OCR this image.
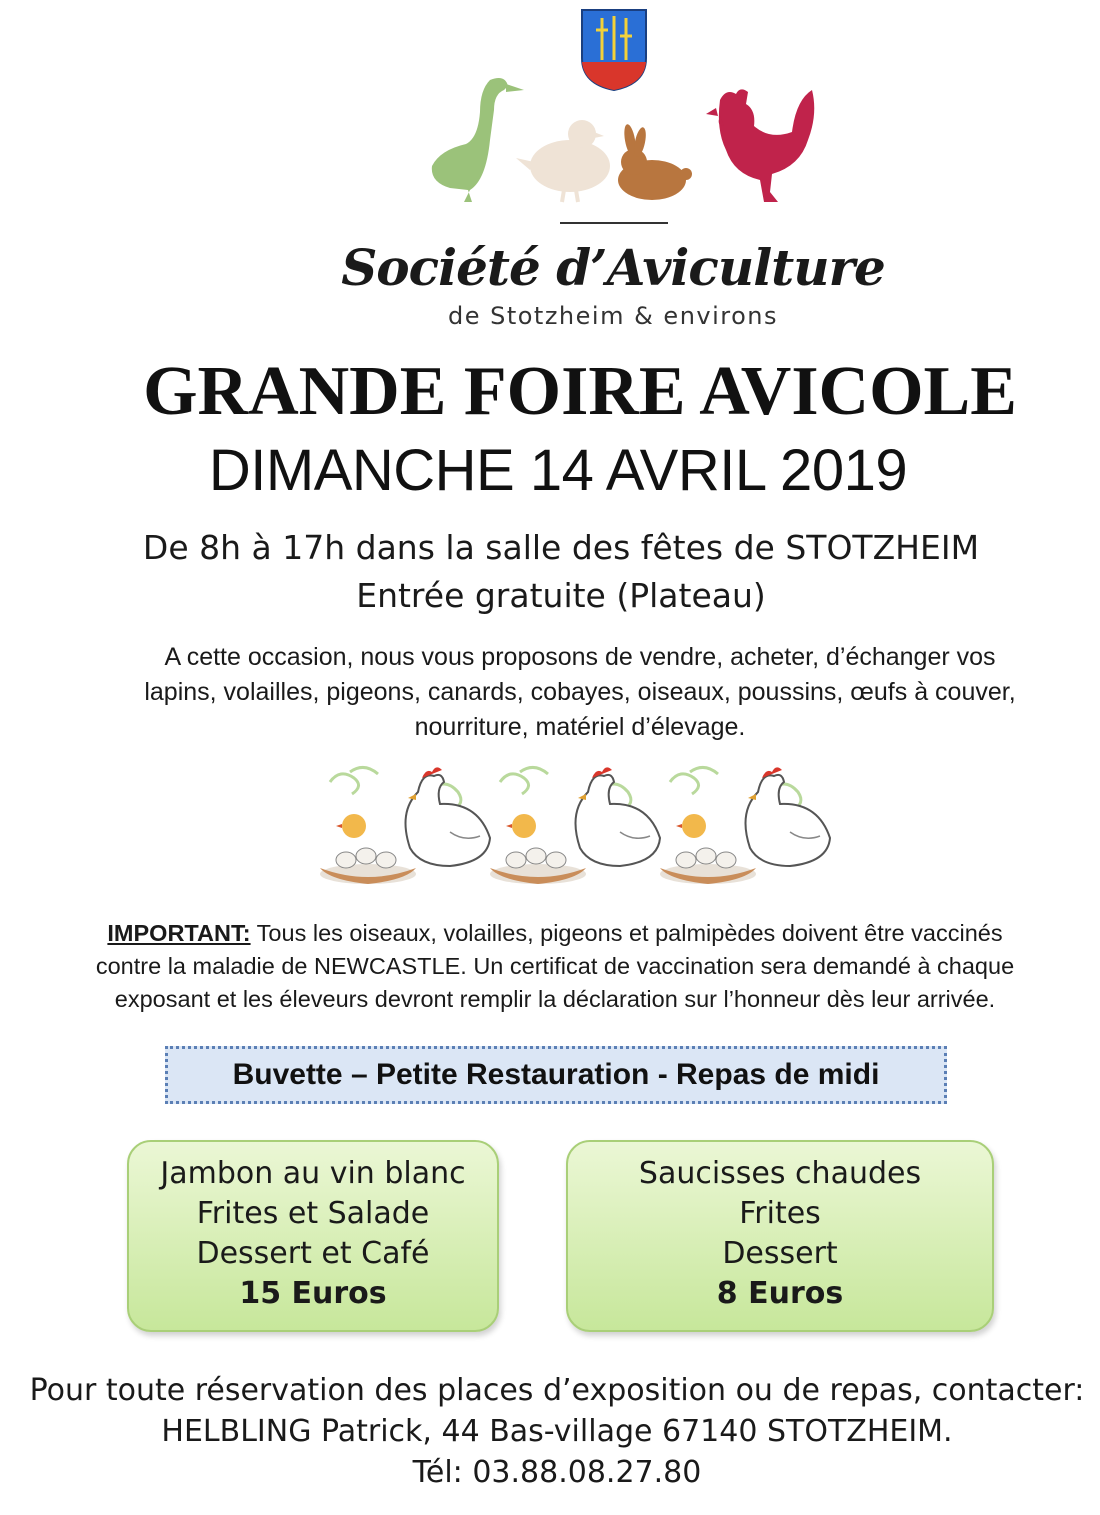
Société d’Aviculture
de Stotzheim & environs
GRANDE FOIRE AVICOLE
DIMANCHE 14 AVRIL 2019
De 8h à 17h dans la salle des fêtes de STOTZHEIM
Entrée gratuite (Plateau)
A cette occasion, nous vous proposons de vendre, acheter, d’échanger vos
lapins, volailles, pigeons, canards, cobayes, oiseaux, poussins, œufs à couver,
nourriture, matériel d’élevage.
IMPORTANT: Tous les oiseaux, volailles, pigeons et palmipèdes doivent être vaccinés
contre la maladie de NEWCASTLE. Un certificat de vaccination sera demandé à chaque
exposant et les éleveurs devront remplir la déclaration sur l’honneur dès leur arrivée.
Buvette – Petite Restauration - Repas de midi
Jambon au vin blanc
Frites et Salade
Dessert et Café
15 Euros
Saucisses chaudes
Frites
Dessert
8 Euros
Pour toute réservation des places d’exposition ou de repas, contacter:
HELBLING Patrick, 44 Bas-village 67140 STOTZHEIM.
Tél: 03.88.08.27.80
